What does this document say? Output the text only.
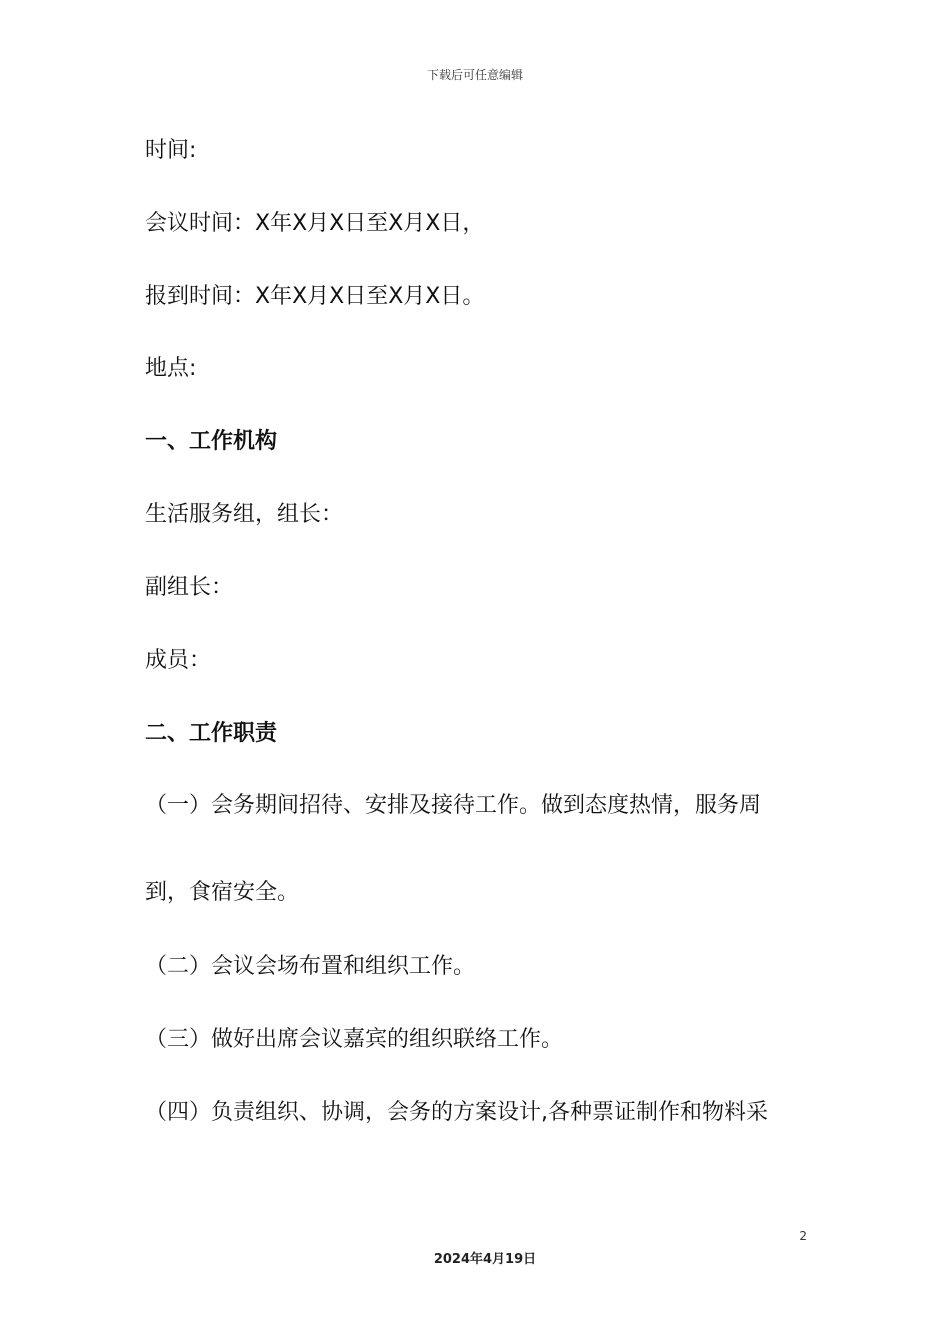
下载后可任意编辑
时间:
会议时间：X年X月X日至X月X日，
报到时间：X年X月X日至X月X日。
地点:
一、工作机构
生活服务组，组长：
副组长：
成员：
二、工作职责
（一）会务期间招待、安排及接待工作。做到态度热情，服务周
到，食宿安全。
（二）会议会场布置和组织工作。
（三）做好出席会议嘉宾的组织联络工作。
（四）负责组织、协调，会务的方案设计,各种票证制作和物料采
2
2024年4月19日
